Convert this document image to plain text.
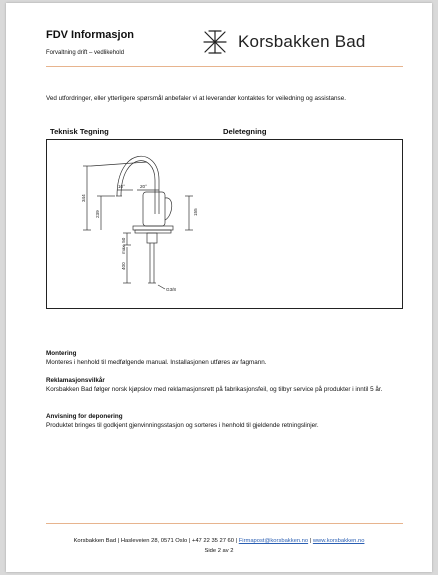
FDV Informasjon
Forvaltning drift – vedlikehold
Korsbakken Bad
Ved utfordringer, eller ytterligere spørsmål anbefaler vi at leverandør kontaktes for veiledning og assistanse.
Teknisk Tegning	Deletegning
10°	20°
344
239	155
max. 50
400
G3/8
Montering
Monteres i henhold til medfølgende manual. Installasjonen utføres av fagmann.
Reklamasjonsvilkår
Korsbakken Bad følger norsk kjøpslov med reklamasjonsrett på fabrikasjonsfeil, og tilbyr service på produkter i inntil 5 år.
Anvisning for deponering
Produktet bringes til godkjent gjenvinningsstasjon og sorteres i henhold til gjeldende retningslinjer.
Korsbakken Bad | Hasleveien 28, 0571 Oslo | +47 22 35 27 60 | Firmapost@korsbakken.no | www.korsbakken.no
Side 2 av 2
